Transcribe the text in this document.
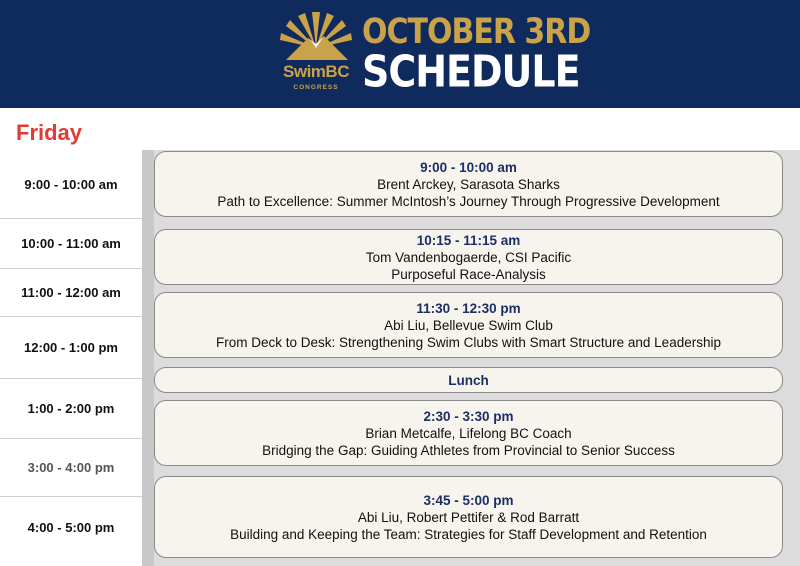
SwimBC
CONGRESS
OCTOBER 3RD
SCHEDULE
Friday
9:00 - 10:00 am
10:00 - 11:00 am
11:00 - 12:00 am
12:00 - 1:00 pm
1:00 - 2:00 pm
3:00 - 4:00 pm
4:00 - 5:00 pm
9:00 - 10:00 am
Brent Arckey, Sarasota Sharks
Path to Excellence: Summer McIntosh’s Journey Through Progressive Development
10:15 - 11:15 am
Tom Vandenbogaerde, CSI Pacific
Purposeful Race-Analysis
11:30 - 12:30 pm
Abi Liu, Bellevue Swim Club
From Deck to Desk: Strengthening Swim Clubs with Smart Structure and Leadership
Lunch
2:30 - 3:30 pm
Brian Metcalfe, Lifelong BC Coach
Bridging the Gap: Guiding Athletes from Provincial to Senior Success
3:45 - 5:00 pm
Abi Liu, Robert Pettifer & Rod Barratt
Building and Keeping the Team: Strategies for Staff Development and Retention
